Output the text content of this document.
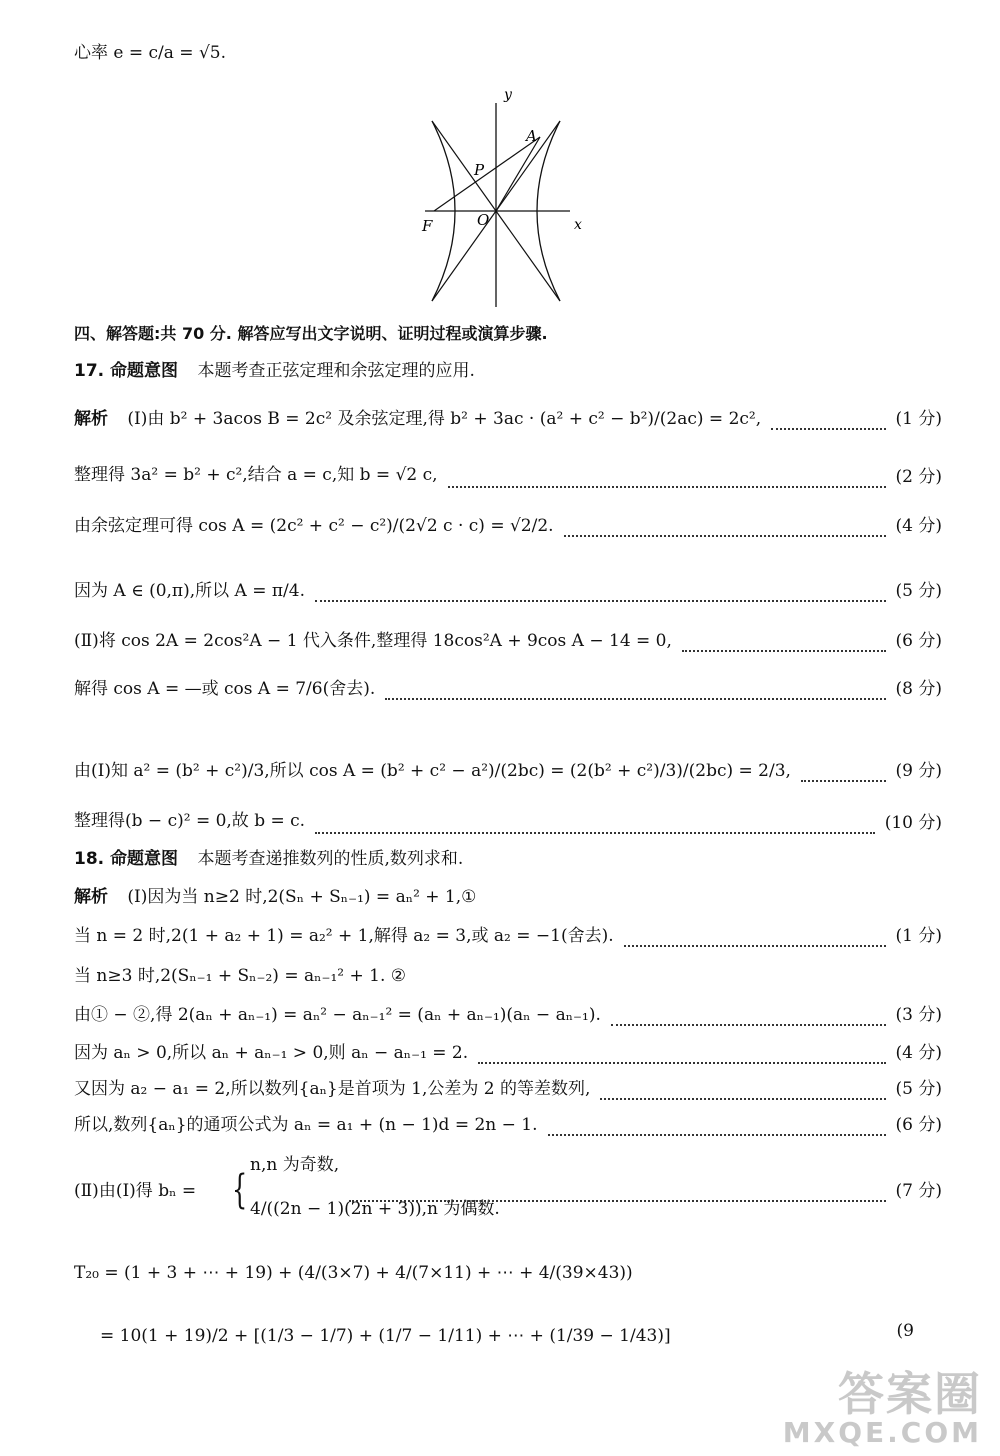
心率 e = c/a = √5.
y
A
P
O
F	x
四、解答题:共 70 分. 解答应写出文字说明、证明过程或演算步骤.
17. 命题意图 本题考查正弦定理和余弦定理的应用.
解析 (Ⅰ)由 b² + 3acos B = 2c² 及余弦定理,得 b² + 3ac · (a² + c² − b²)/(2ac) = 2c²,	(1 分)
整理得 3a² = b² + c²,结合 a = c,知 b = √2 c,	(2 分)
由余弦定理可得 cos A = (2c² + c² − c²)/(2√2 c · c) = √2/2.	(4 分)
因为 A ∈ (0,π),所以 A = π/4.	(5 分)
(Ⅱ)将 cos 2A = 2cos²A − 1 代入条件,整理得 18cos²A + 9cos A − 14 = 0,	(6 分)
解得 cos A = —或 cos A = 7/6(舍去).	(8 分)
由(Ⅰ)知 a² = (b² + c²)/3,所以 cos A = (b² + c² − a²)/(2bc) = (2(b² + c²)/3)/(2bc) = 2/3,	(9 分)
整理得(b − c)² = 0,故 b = c.	(10 分)
18. 命题意图 本题考查递推数列的性质,数列求和.
解析 (Ⅰ)因为当 n≥2 时,2(Sₙ + Sₙ₋₁) = aₙ² + 1,①
当 n = 2 时,2(1 + a₂ + 1) = a₂² + 1,解得 a₂ = 3,或 a₂ = −1(舍去).	(1 分)
当 n≥3 时,2(Sₙ₋₁ + Sₙ₋₂) = aₙ₋₁² + 1. ②
由① − ②,得 2(aₙ + aₙ₋₁) = aₙ² − aₙ₋₁² = (aₙ + aₙ₋₁)(aₙ − aₙ₋₁).	(3 分)
因为 aₙ > 0,所以 aₙ + aₙ₋₁ > 0,则 aₙ − aₙ₋₁ = 2.	(4 分)
又因为 a₂ − a₁ = 2,所以数列{aₙ}是首项为 1,公差为 2 的等差数列,	(5 分)
所以,数列{aₙ}的通项公式为 aₙ = a₁ + (n − 1)d = 2n − 1.	(6 分)
(Ⅱ)由(Ⅰ)得 bₙ = {
n,n 为奇数,
4/((2n − 1)(2n + 3)),n 为偶数.
(7 分)
T₂₀ = (1 + 3 + ⋯ + 19) + (4/(3×7) + 4/(7×11) + ⋯ + 4/(39×43))
= 10(1 + 19)/2 + [(1/3 − 1/7) + (1/7 − 1/11) + ⋯ + (1/39 − 1/43)]	(9
答案圈
MXQE.COM
